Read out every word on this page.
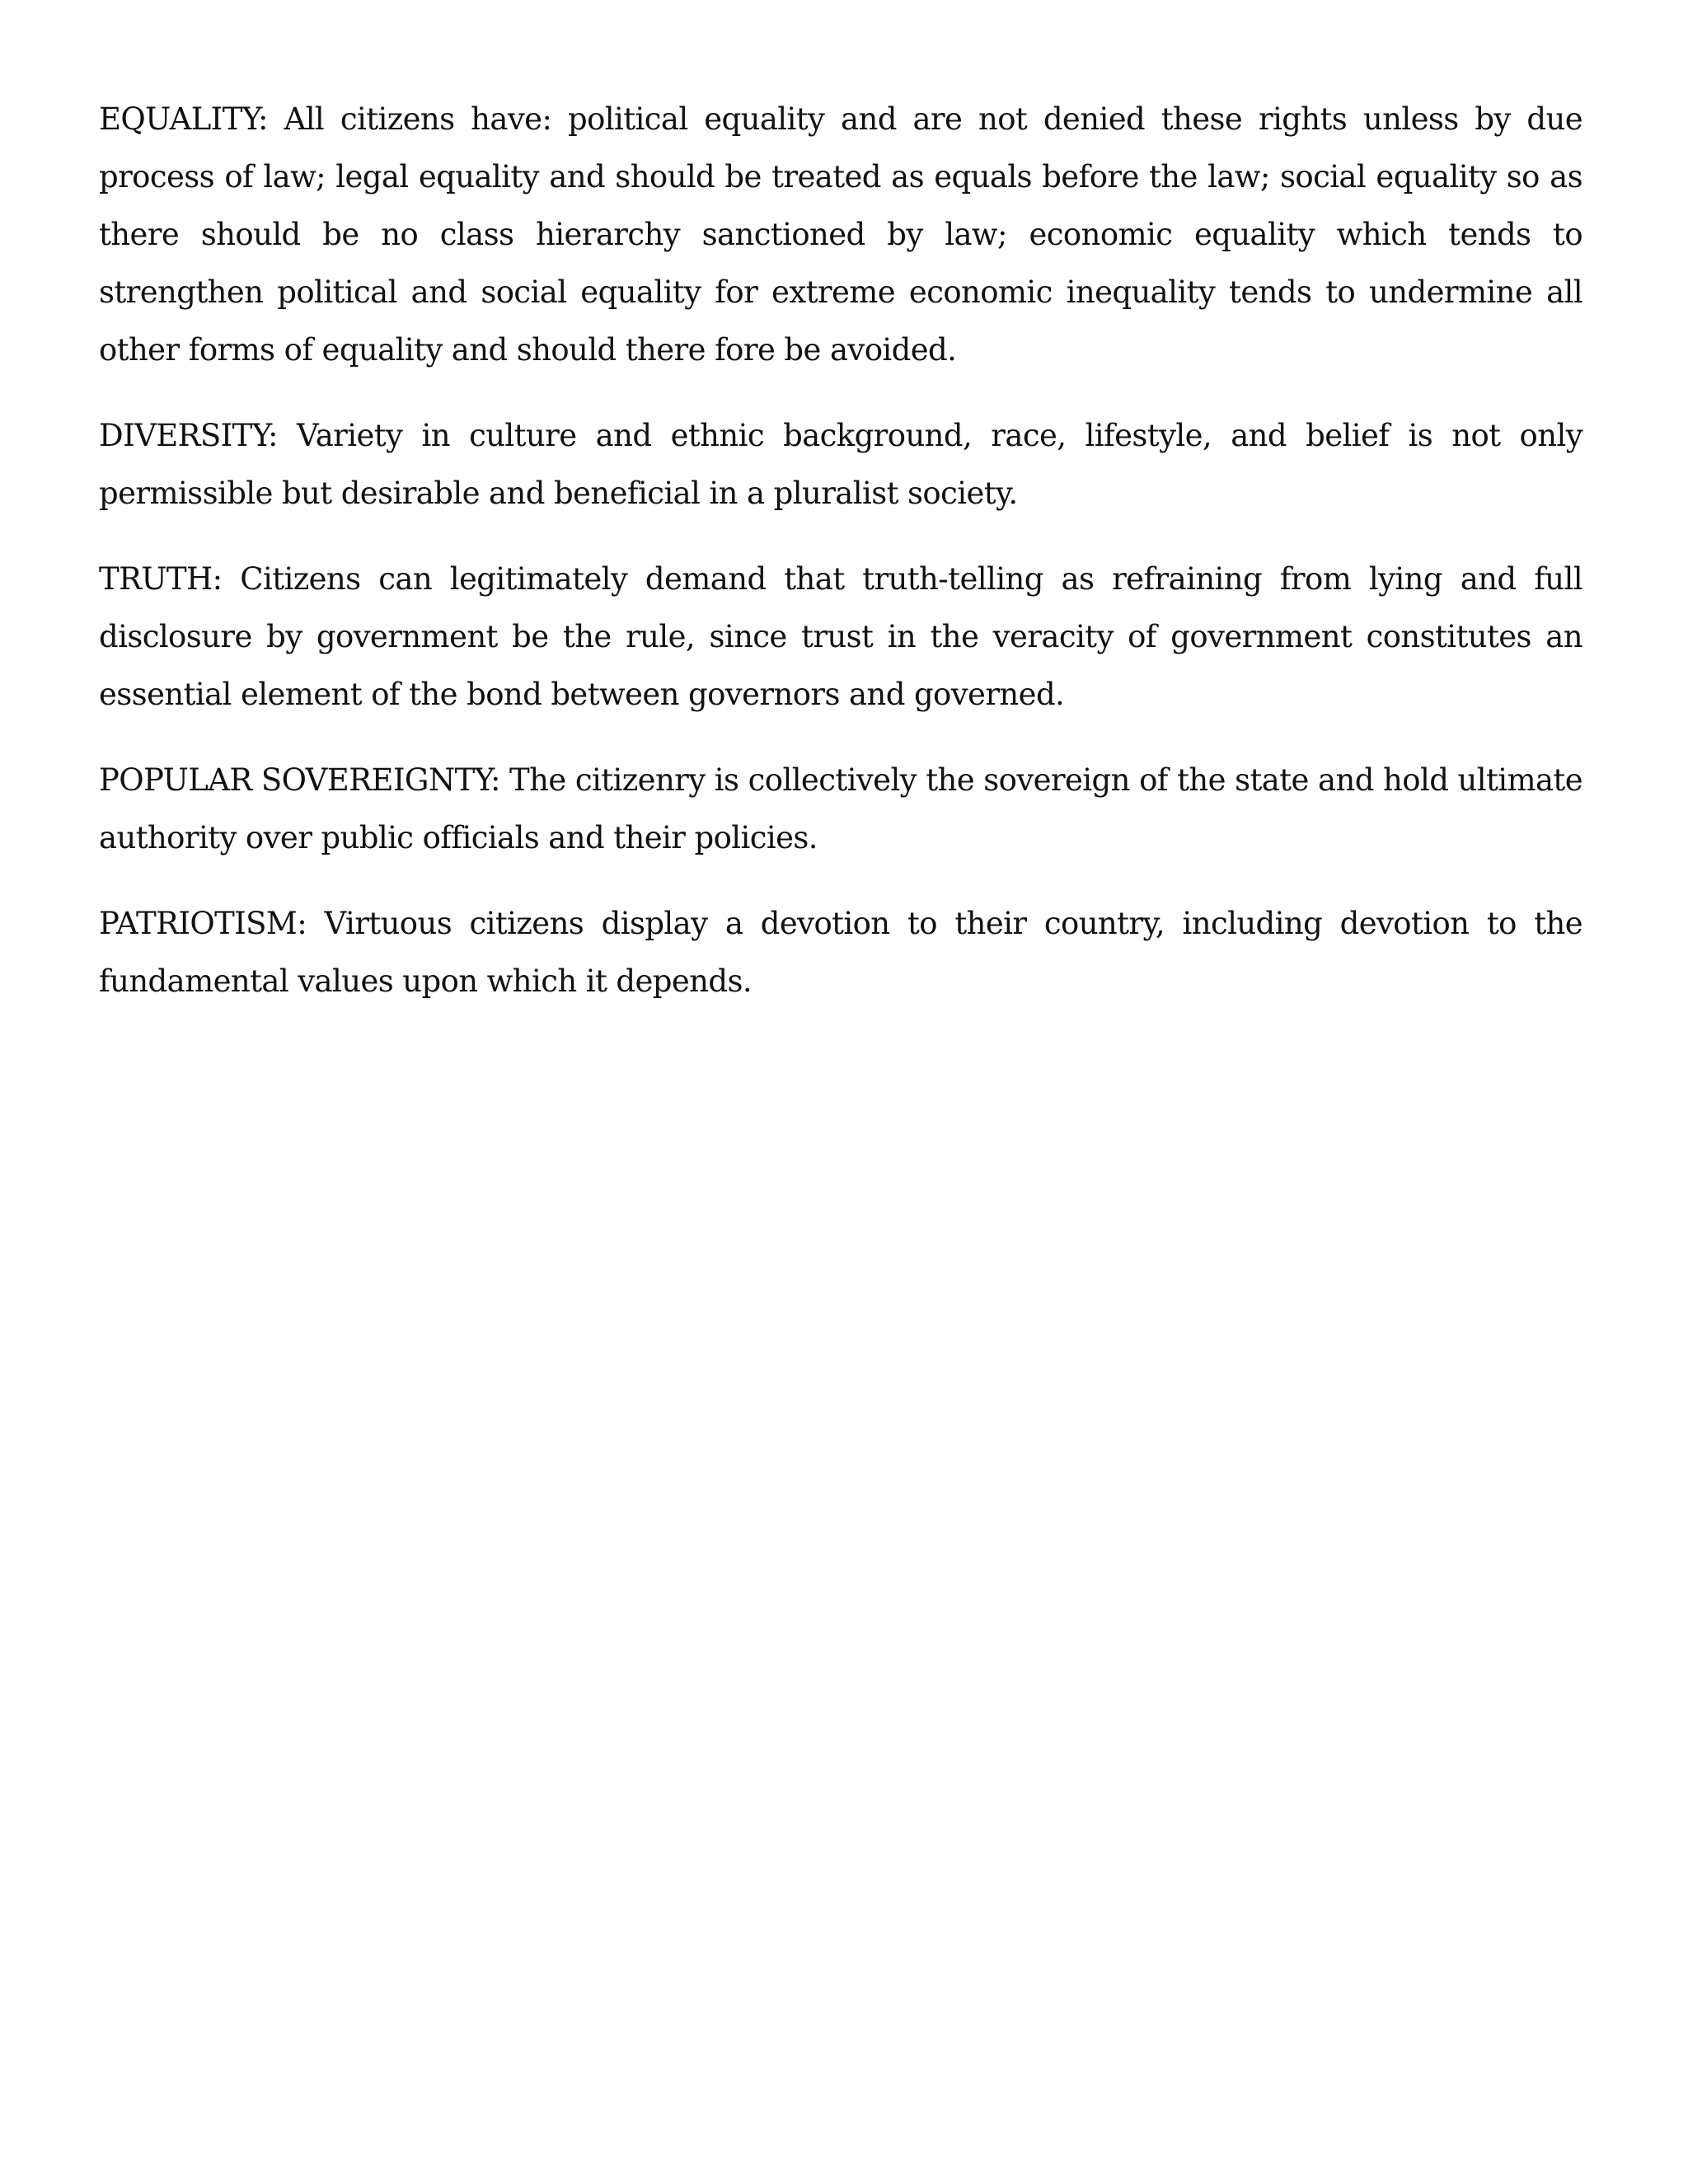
EQUALITY: All citizens have: political equality and are not denied these rights unless by due process of law; legal equality and should be treated as equals before the law; social equality so as there should be no class hierarchy sanctioned by law; economic equality which tends to strengthen political and social equality for extreme economic inequality tends to undermine all other forms of equality and should there fore be avoided.

DIVERSITY: Variety in culture and ethnic background, race, lifestyle, and belief is not only permissible but desirable and beneficial in a pluralist society.

TRUTH: Citizens can legitimately demand that truth-telling as refraining from lying and full disclosure by government be the rule, since trust in the veracity of government constitutes an essential element of the bond between governors and governed.

POPULAR SOVEREIGNTY: The citizenry is collectively the sovereign of the state and hold ultimate authority over public officials and their policies.

PATRIOTISM: Virtuous citizens display a devotion to their country, including devotion to the fundamental values upon which it depends.
